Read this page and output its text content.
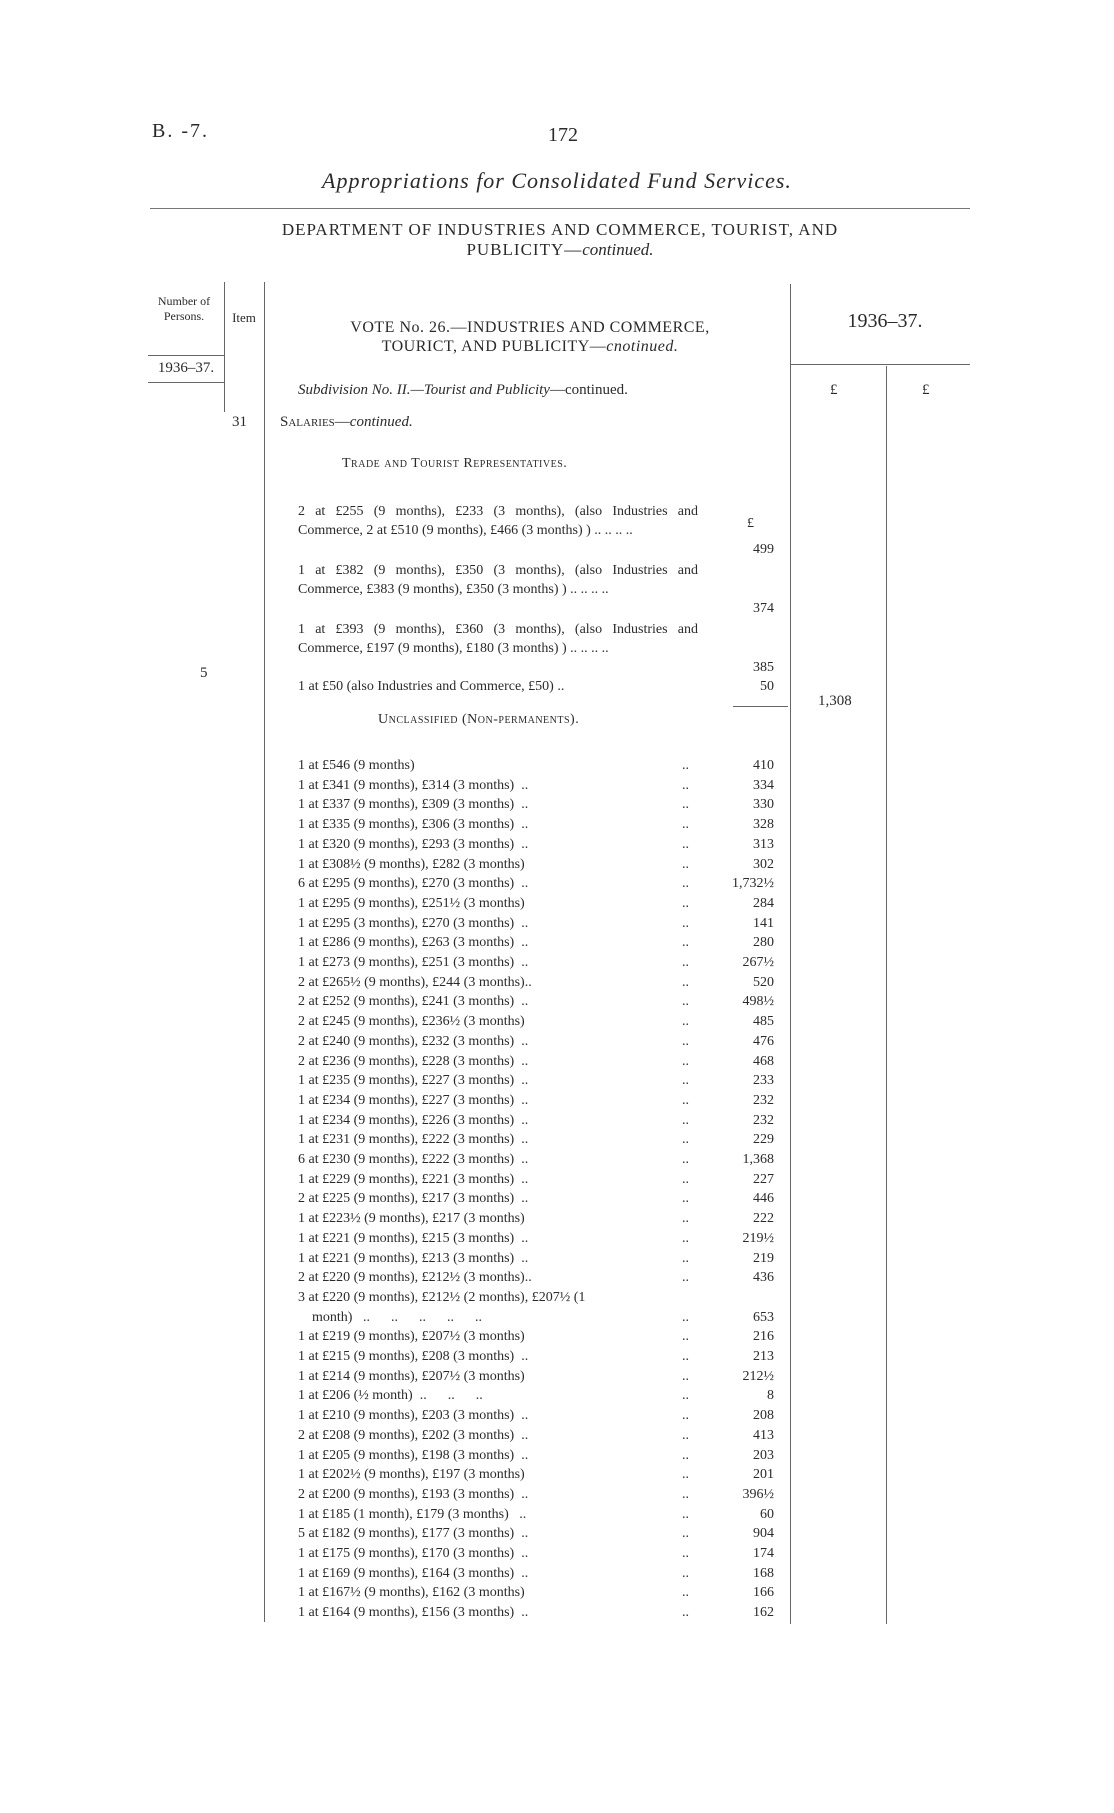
B. -7.	172
Appropriations for Consolidated Fund Services.
DEPARTMENT OF INDUSTRIES AND COMMERCE, TOURIST, AND
PUBLICITY—continued.
Number of Persons.	Item
1936–37.
VOTE No. 26.—INDUSTRIES AND COMMERCE,
TOURICT, AND PUBLICITY—cnotinued.
1936–37.
£	£
Subdivision No. II.—Tourist and Publicity—continued.
31 Salaries—continued.
Trade and Tourist Representatives.
£
2 at £255 (9 months), £233 (3 months), (also Industries and Commerce, 2 at £510 (9 months), £466 (3 months) ) .. .. .. ..
499
1 at £382 (9 months), £350 (3 months), (also Industries and Commerce, £383 (9 months), £350 (3 months) ) .. .. .. ..
374
1 at £393 (9 months), £360 (3 months), (also Industries and Commerce, £197 (9 months), £180 (3 months) ) .. .. .. ..
385
1 at £50 (also Industries and Commerce, £50) ..	50
5
1,308
Unclassified (Non-permanents).
1 at £546 (9 months)	..	410
1 at £341 (9 months), £314 (3 months)  ..	..	334
1 at £337 (9 months), £309 (3 months)  ..	..	330
1 at £335 (9 months), £306 (3 months)  ..	..	328
1 at £320 (9 months), £293 (3 months)  ..	..	313
1 at £308½ (9 months), £282 (3 months)	..	302
6 at £295 (9 months), £270 (3 months)  ..	..	1,732½
1 at £295 (9 months), £251½ (3 months)	..	284
1 at £295 (3 months), £270 (3 months)  ..	..	141
1 at £286 (9 months), £263 (3 months)  ..	..	280
1 at £273 (9 months), £251 (3 months)  ..	..	267½
2 at £265½ (9 months), £244 (3 months)..	..	520
2 at £252 (9 months), £241 (3 months)  ..	..	498½
2 at £245 (9 months), £236½ (3 months)	..	485
2 at £240 (9 months), £232 (3 months)  ..	..	476
2 at £236 (9 months), £228 (3 months)  ..	..	468
1 at £235 (9 months), £227 (3 months)  ..	..	233
1 at £234 (9 months), £227 (3 months)  ..	..	232
1 at £234 (9 months), £226 (3 months)  ..	..	232
1 at £231 (9 months), £222 (3 months)  ..	..	229
6 at £230 (9 months), £222 (3 months)  ..	..	1,368
1 at £229 (9 months), £221 (3 months)  ..	..	227
2 at £225 (9 months), £217 (3 months)  ..	..	446
1 at £223½ (9 months), £217 (3 months)	..	222
1 at £221 (9 months), £215 (3 months)  ..	..	219½
1 at £221 (9 months), £213 (3 months)  ..	..	219
2 at £220 (9 months), £212½ (3 months)..	..	436
3 at £220 (9 months), £212½ (2 months), £207½ (1
month)   ..      ..      ..      ..      ..	..	653
1 at £219 (9 months), £207½ (3 months)	..	216
1 at £215 (9 months), £208 (3 months)  ..	..	213
1 at £214 (9 months), £207½ (3 months)	..	212½
1 at £206 (½ month)  ..      ..      ..	..	8
1 at £210 (9 months), £203 (3 months)  ..	..	208
2 at £208 (9 months), £202 (3 months)  ..	..	413
1 at £205 (9 months), £198 (3 months)  ..	..	203
1 at £202½ (9 months), £197 (3 months)	..	201
2 at £200 (9 months), £193 (3 months)  ..	..	396½
1 at £185 (1 month), £179 (3 months)   ..	..	60
5 at £182 (9 months), £177 (3 months)  ..	..	904
1 at £175 (9 months), £170 (3 months)  ..	..	174
1 at £169 (9 months), £164 (3 months)  ..	..	168
1 at £167½ (9 months), £162 (3 months)	..	166
1 at £164 (9 months), £156 (3 months)  ..	..	162
